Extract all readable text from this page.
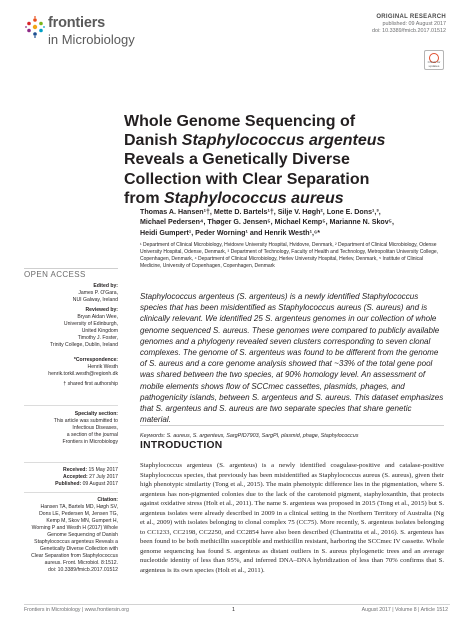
frontiers
in Microbiology
ORIGINAL RESEARCH
published: 09 August 2017
doi: 10.3389/fmicb.2017.01512
Check for updates
Whole Genome Sequencing of
Danish Staphylococcus argenteus
Reveals a Genetically Diverse
Collection with Clear Separation
from Staphylococcus aureus
Thomas A. Hansen¹†, Mette D. Bartels¹†, Silje V. Høgh², Lone E. Dons¹,³,
Michael Pedersen⁴, Thøger G. Jensen⁵, Michael Kemp⁵, Marianne N. Skov⁵,
Heidi Gumpert¹, Peder Worning¹ and Henrik Westh¹,⁶*
¹ Department of Clinical Microbiology, Hvidovre University Hospital, Hvidovre, Denmark, ² Department of Clinical Microbiology, Odense University Hospital, Odense, Denmark, ³ Department of Technology, Faculty of Health and Technology, Metropolitan University College, Copenhagen, Denmark, ⁴ Department of Clinical Microbiology, Herlev University Hospital, Herlev, Denmark, ⁵ Institute of Clinical Medicine, University of Copenhagen, Copenhagen, Denmark
OPEN ACCESS
Edited by:
James P. O'Gara,
NUI Galway, Ireland
Reviewed by:
Bryan Aidan Wee,
University of Edinburgh,
United Kingdom
Timothy J. Foster,
Trinity College, Dublin, Ireland
*Correspondence:
Henrik Westh
henrik.torkil.westh@regionh.dk
† shared first authorship
Specialty section:
This article was submitted to
Infectious Diseases,
a section of the journal
Frontiers in Microbiology
Received: 15 May 2017
Accepted: 27 July 2017
Published: 09 August 2017
Citation:
Hansen TA, Bartels MD, Høgh SV,
Dons LE, Pedersen M, Jensen TG,
Kemp M, Skov MN, Gumpert H,
Worning P and Westh H (2017) Whole
Genome Sequencing of Danish
Staphylococcus argenteus Reveals a
Genetically Diverse Collection with
Clear Separation from Staphylococcus
aureus. Front. Microbiol. 8:1512.
doi: 10.3389/fmicb.2017.01512
Staphylococcus argenteus (S. argenteus) is a newly identified Staphylococcus species that has been misidentified as Staphylococcus aureus (S. aureus) and is clinically relevant. We identified 25 S. argenteus genomes in our collection of whole genome sequenced S. aureus. These genomes were compared to publicly available genomes and a phylogeny revealed seven clusters corresponding to seven clonal complexes. The genome of S. argenteus was found to be different from the genome of S. aureus and a core genome analysis showed that ~33% of the total gene pool was shared between the two species, at 90% homology level. An assessment of mobile elements shows flow of SCCmec cassettes, plasmids, phages, and pathogenicity islands, between S. argenteus and S. aureus. This dataset emphasizes that S. argenteus and S. aureus are two separate species that share genetic material.
Keywords: S. aureus, S. argenteus, SargPID7903, SargPI, plasmid, phage, Staphylococcus
INTRODUCTION
Staphylococcus argenteus (S. argenteus) is a newly identified coagulase-positive and catalase-positive Staphylococcus species, that previously has been misidentified as Staphylococcus aureus (S. aureus), given their high phenotypic similarity (Tong et al., 2015). The main phenotypic difference lies in the pigmentation, where S. argenteus has non-pigmented colonies due to the lack of the carotenoid pigment, staphyloxanthin, that protects against oxidative stress (Holt et al., 2011). The name S. argenteus was proposed in 2015 (Tong et al., 2015) but S. argenteus isolates were already described in 2009 in a clinical setting in the Northern Territory of Australia (Ng et al., 2009) with isolates belonging to clonal complex 75 (CC75). More recently, S. argenteus isolates belonging to CC1233, CC2198, CC2250, and CC2854 have also been described (Chantratita et al., 2016). S. argenteus has been found to be both methicillin susceptible and methicillin resistant, harboring the SCCmec IV cassette. Whole genome sequencing has found S. argenteus as distant outliers in S. aureus phylogenetic trees and an average nucleotide identity of less than 95%, and inferred DNA–DNA hybridization of less than 70% confirms that S. argenteus is its own species (Holt et al., 2011).
Frontiers in Microbiology | www.frontiersin.org	1	August 2017 | Volume 8 | Article 1512
